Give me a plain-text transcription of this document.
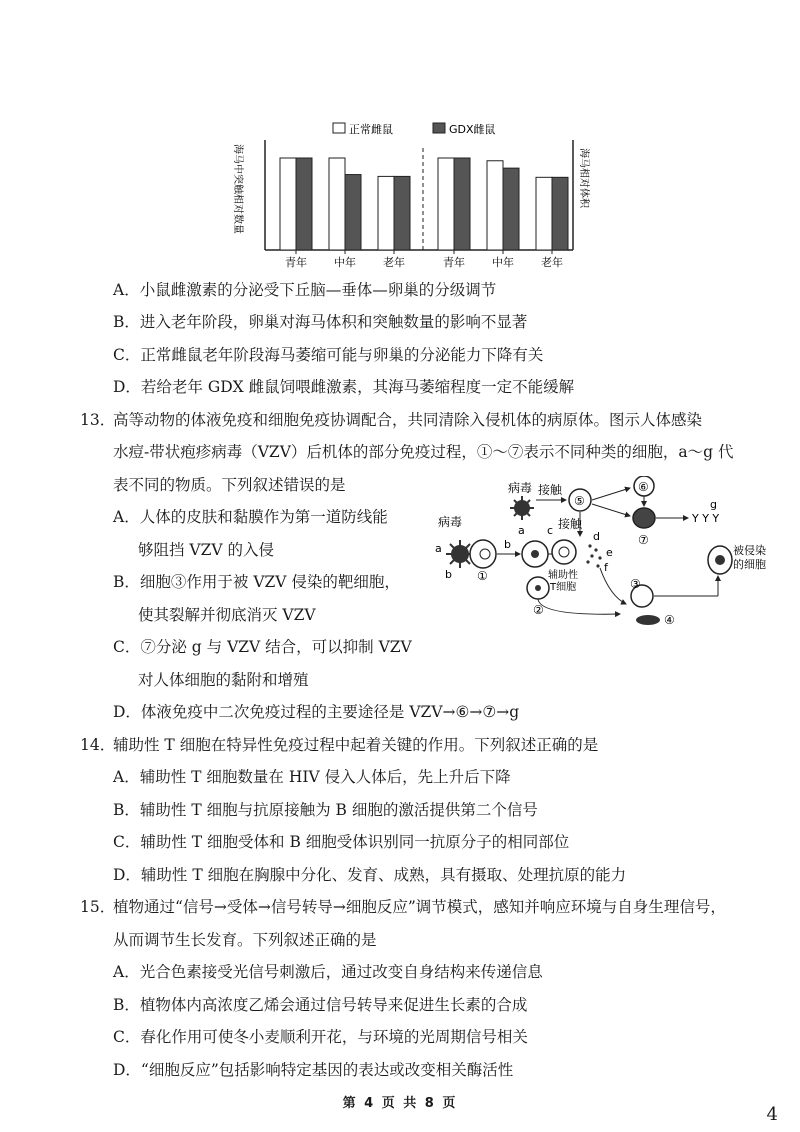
正常雌鼠	GDX雌鼠
海马中突触相对数量	海马相对体积
青年 中年 老年	青年 中年 老年
A．小鼠雌激素的分泌受下丘脑—垂体—卵巢的分级调节
B．进入老年阶段，卵巢对海马体积和突触数量的影响不显著
C．正常雌鼠老年阶段海马萎缩可能与卵巢的分泌能力下降有关
D．若给老年 GDX 雌鼠饲喂雌激素，其海马萎缩程度一定不能缓解
13．
高等动物的体液免疫和细胞免疫协调配合，共同清除入侵机体的病原体。图示人体感染
水痘-带状疱疹病毒（VZV）后机体的部分免疫过程，①～⑦表示不同种类的细胞，a～g 代
表不同的物质。下列叙述错误的是
A．人体的皮肤和黏膜作为第一道防线能
够阻挡 VZV 的入侵
B．细胞③作用于被 VZV 侵染的靶细胞，
使其裂解并彻底消灭 VZV
C．⑦分泌 g 与 VZV 结合，可以抑制 VZV
对人体细胞的黏附和增殖
D．体液免疫中二次免疫过程的主要途径是 VZV→⑥→⑦→g
病毒
a
b ①
b
a
辅助性
T细胞
c 接触
d
e
f
病毒 接触
⑤
⑥
⑦
Y Y Y
g
②
③
④
被侵染
的细胞
14．
辅助性 T 细胞在特异性免疫过程中起着关键的作用。下列叙述正确的是
A．辅助性 T 细胞数量在 HIV 侵入人体后，先上升后下降
B．辅助性 T 细胞与抗原接触为 B 细胞的激活提供第二个信号
C．辅助性 T 细胞受体和 B 细胞受体识别同一抗原分子的相同部位
D．辅助性 T 细胞在胸腺中分化、发育、成熟，具有摄取、处理抗原的能力
15．
植物通过“信号→受体→信号转导→细胞反应”调节模式，感知并响应环境与自身生理信号，
从而调节生长发育。下列叙述正确的是
A．光合色素接受光信号刺激后，通过改变自身结构来传递信息
B．植物体内高浓度乙烯会通过信号转导来促进生长素的合成
C．春化作用可使冬小麦顺利开花，与环境的光周期信号相关
D．“细胞反应”包括影响特定基因的表达或改变相关酶活性
第 4 页 共 8 页
4
